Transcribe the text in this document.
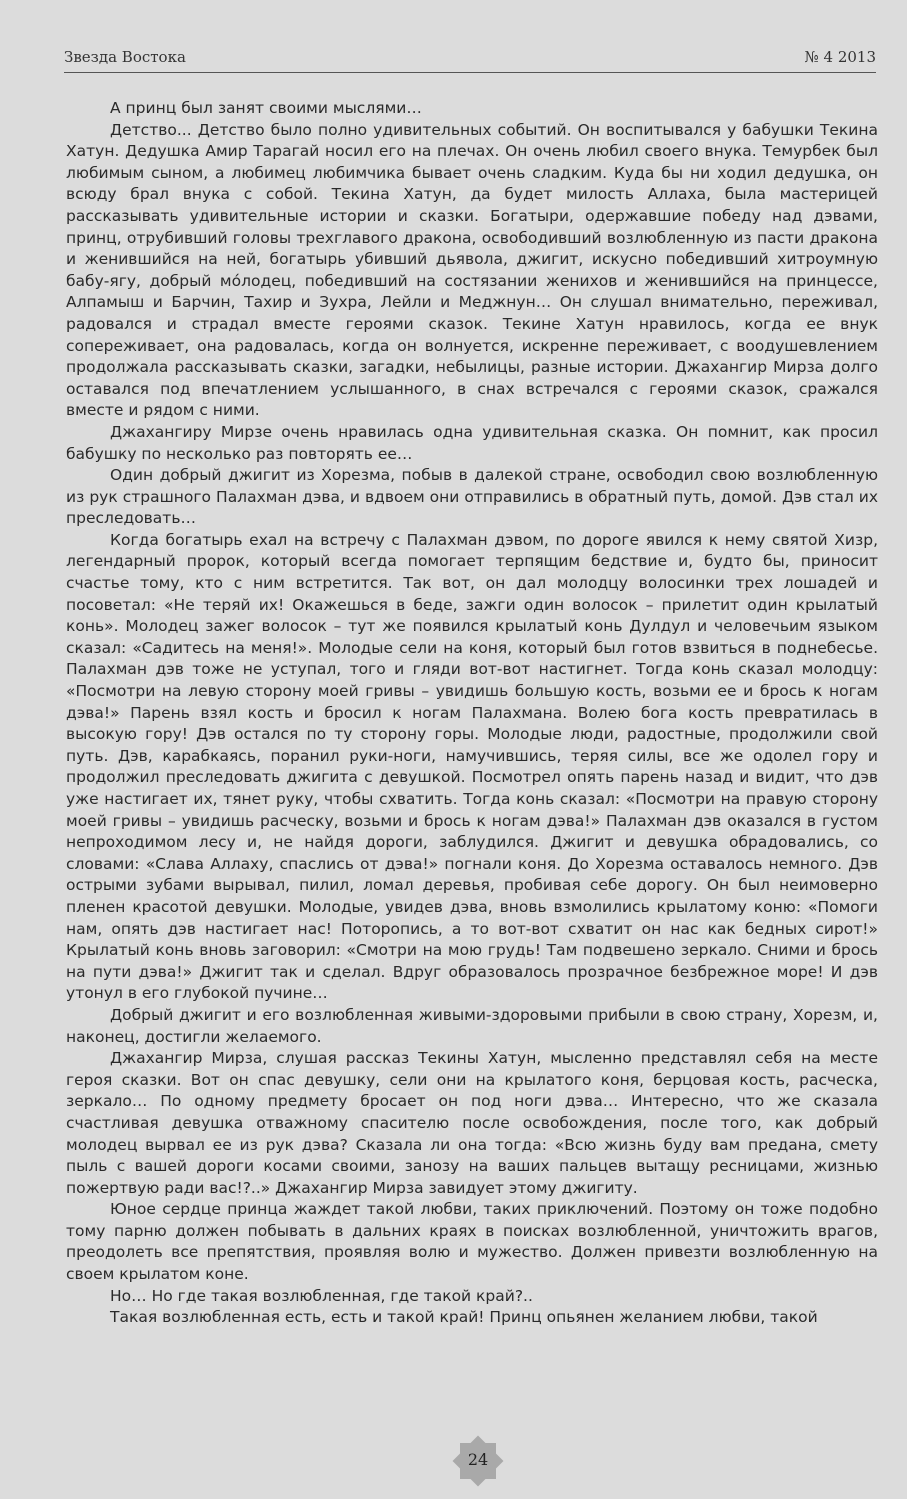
Звезда Востока	№ 4 2013

А принц был занят своими мыслями…

Детство... Детство было полно удивительных событий. Он воспитывался у бабушки Текина Хатун. Дедушка Амир Тарагай носил его на плечах. Он очень любил своего внука. Темурбек был любимым сыном, а любимец любимчика бывает очень сладким. Куда бы ни ходил дедушка, он всюду брал внука с собой. Текина Хатун, да будет милость Аллаха, была мастерицей рассказывать удивительные истории и сказки. Богатыри, одержавшие победу над дэвами, принц, отрубивший головы трехглавого дракона, освободивший возлюбленную из пасти дракона и женившийся на ней, богатырь убивший дьявола, джигит, искусно победивший хитроумную бабу-ягу, добрый мóлодец, победивший на состязании женихов и женившийся на принцессе, Алпамыш и Барчин, Тахир и Зухра, Лейли и Меджнун… Он слушал внимательно, переживал, радовался и страдал вместе героями сказок. Текине Хатун нравилось, когда ее внук сопереживает, она радовалась, когда он волнуется, искренне переживает, с воодушевлением продолжала рассказывать сказки, загадки, небылицы, разные истории. Джахангир Мирза долго оставался под впечатлением услышанного, в снах встречался с героями сказок, сражался вместе и рядом с ними.

Джахангиру Мирзе очень нравилась одна удивительная сказка. Он помнит, как просил бабушку по несколько раз повторять ее…

Один добрый джигит из Хорезма, побыв в далекой стране, освободил свою возлюбленную из рук страшного Палахман дэва, и вдвоем они отправились в обратный путь, домой. Дэв стал их преследовать…

Когда богатырь ехал на встречу с Палахман дэвом, по дороге явился к нему святой Хизр, легендарный пророк, который всегда помогает терпящим бедствие и, будто бы, приносит счастье тому, кто с ним встретится. Так вот, он дал молодцу волосинки трех лошадей и посоветал: «Не теряй их! Окажешься в беде, зажги один волосок – прилетит один крылатый конь». Молодец зажег волосок – тут же появился крылатый конь Дулдул и человечьим языком сказал: «Садитесь на меня!». Молодые сели на коня, который был готов взвиться в поднебесье. Палахман дэв тоже не уступал, того и гляди вот-вот настигнет. Тогда конь сказал молодцу: «Посмотри на левую сторону моей гривы – увидишь большую кость, возьми ее и брось к ногам дэва!» Парень взял кость и бросил к ногам Палахмана. Волею бога кость превратилась в высокую гору! Дэв остался по ту сторону горы. Молодые люди, радостные, продолжили свой путь. Дэв, карабкаясь, поранил руки-ноги, намучившись, теряя силы, все же одолел гору и продолжил преследовать джигита с девушкой. Посмотрел опять парень назад и видит, что дэв уже настигает их, тянет руку, чтобы схватить. Тогда конь сказал: «Посмотри на правую сторону моей гривы – увидишь расческу, возьми и брось к ногам дэва!» Палахман дэв оказался в густом непроходимом лесу и, не найдя дороги, заблудился. Джигит и девушка обрадовались, со словами: «Слава Аллаху, спаслись от дэва!» погнали коня. До Хорезма оставалось немного. Дэв острыми зубами вырывал, пилил, ломал деревья, пробивая себе дорогу. Он был неимоверно пленен красотой девушки. Молодые, увидев дэва, вновь взмолились крылатому коню: «Помоги нам, опять дэв настигает нас! Поторопись, а то вот-вот схватит он нас как бедных сирот!» Крылатый конь вновь заговорил: «Смотри на мою грудь! Там подвешено зеркало. Сними и брось на пути дэва!» Джигит так и сделал. Вдруг образовалось прозрачное безбрежное море! И дэв утонул в его глубокой пучине…

Добрый джигит и его возлюбленная живыми-здоровыми прибыли в свою страну, Хорезм, и, наконец, достигли желаемого.

Джахангир Мирза, слушая рассказ Текины Хатун, мысленно представлял себя на месте героя сказки. Вот он спас девушку, сели они на крылатого коня, берцовая кость, расческа, зеркало… По одному предмету бросает он под ноги дэва… Интересно, что же сказала счастливая девушка отважному спасителю после освобождения, после того, как добрый молодец вырвал ее из рук дэва? Сказала ли она тогда: «Всю жизнь буду вам предана, смету пыль с вашей дороги косами своими, занозу на ваших пальцев вытащу ресницами, жизнью пожертвую ради вас!?..» Джахангир Мирза завидует этому джигиту.

Юное сердце принца жаждет такой любви, таких приключений. Поэтому он тоже подобно тому парню должен побывать в дальних краях в поисках возлюбленной, уничтожить врагов, преодолеть все препятствия, проявляя волю и мужество. Должен привезти возлюбленную на своем крылатом коне.

Но… Но где такая возлюбленная, где такой край?..

Такая возлюбленная есть, есть и такой край! Принц опьянен желанием любви, такой

24
